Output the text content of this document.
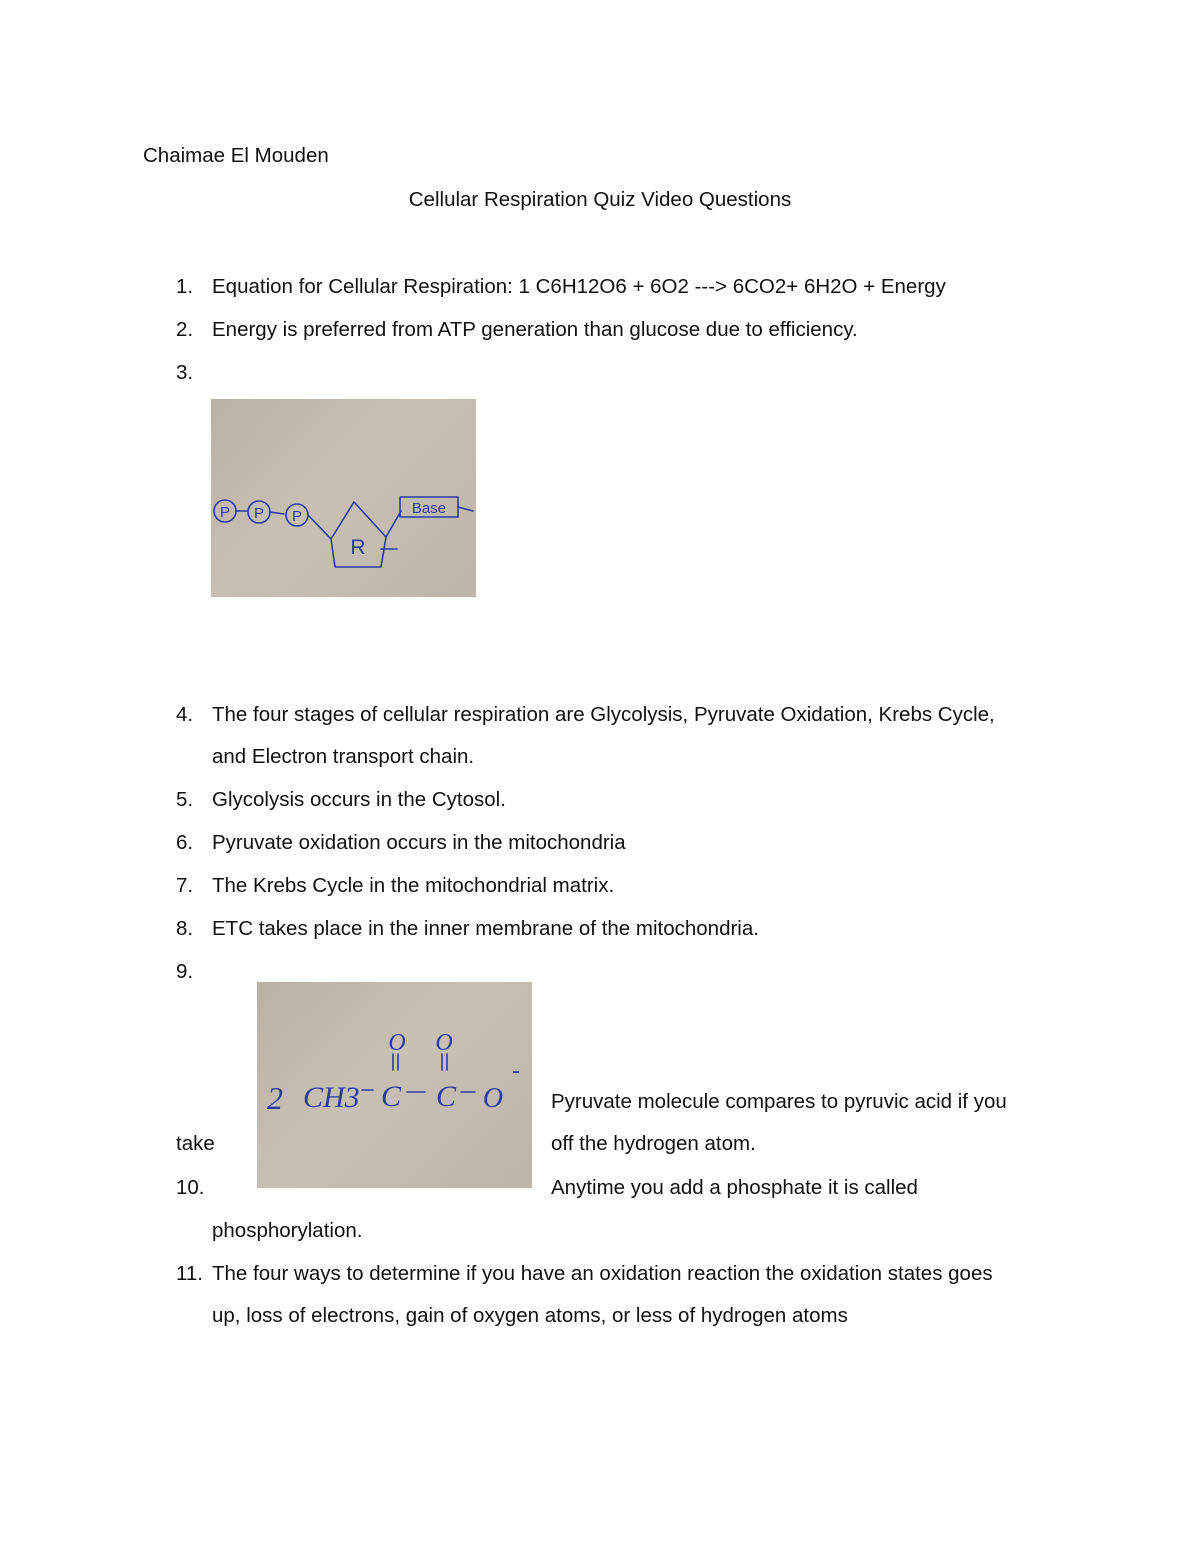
Chaimae El Mouden
Cellular Respiration Quiz Video Questions
1. Equation for Cellular Respiration: 1 C6H12O6 + 6O2 ---> 6CO2+ 6H2O + Energy
2. Energy is preferred from ATP generation than glucose due to efficiency.
3.
P P P
R
Base
4. The four stages of cellular respiration are Glycolysis, Pyruvate Oxidation, Krebs Cycle,
and Electron transport chain.
5. Glycolysis occurs in the Cytosol.
6. Pyruvate oxidation occurs in the mitochondria
7. The Krebs Cycle in the mitochondrial matrix.
8. ETC takes place in the inner membrane of the mitochondria.
9.
2 CH3 C C
O O
O
-
Pyruvate molecule compares to pyruvic acid if you
take	off the hydrogen atom.
10.	Anytime you add a phosphate it is called
phosphorylation.
11. The four ways to determine if you have an oxidation reaction the oxidation states goes
up, loss of electrons, gain of oxygen atoms, or less of hydrogen atoms
